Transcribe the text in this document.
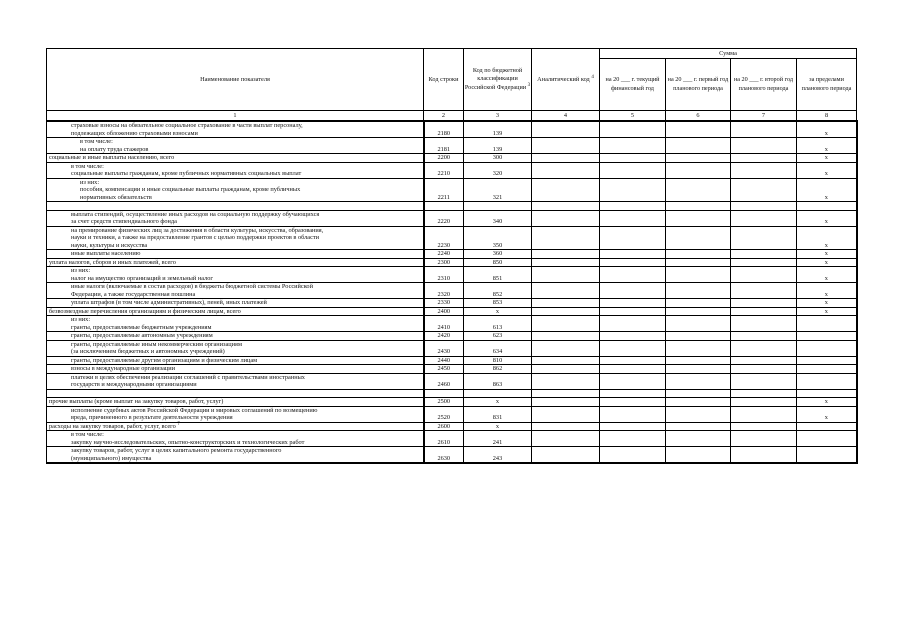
Наименование показателя	Код строки	Код по бюджетной классификации Российской Федерации $^3$	Аналитический код $^4$	Сумма			
				на 20 ___ г. текущий финансовый год	на 20 ___ г. первый год планового периода	на 20 ___ г. второй год планового периода	за пределами планового периода
1	2	3	4	5	6	7	8

страховые взносы на обязательное социальное страхование в части выплат персоналу,
подлежащих обложению страховыми взносами	2180	139					x

в том числе:
на оплату труда стажеров	2181	139					x

социальные и иные выплаты населению, всего	2200	300					x

в том числе:
социальные выплаты гражданам, кроме публичных нормативных социальных выплат	2210	320					x

из них:
пособия, компенсации и иные социальные выплаты гражданам, кроме публичных
нормативных обязательств	2211	321					x

выплата стипендий, осуществление иных расходов на социальную поддержку обучающихся
за счет средств стипендиального фонда	2220	340					x

на премирование физических лиц за достижения в области культуры, искусства, образования,
науки и техники, а также на предоставление грантов с целью поддержки проектов в области
науки, культуры и искусства	2230	350					x

иные выплаты населению	2240	360					x

уплата налогов, сборов и иных платежей, всего	2300	850					x

из них:
налог на имущество организаций и земельный налог	2310	851					x

иные налоги (включаемые в состав расходов) в бюджеты бюджетной системы Российской
Федерации, а также государственная пошлина	2320	852					x

уплата штрафов (в том числе административных), пеней, иных платежей	2330	853					x

безвозмездные перечисления организациям и физическим лицам, всего	2400	x					x

из них:
гранты, предоставляемые бюджетным учреждениям	2410	613					

гранты, предоставляемые автономным учреждениям	2420	623					

гранты, предоставляемые иным некоммерческим организациям
(за исключением бюджетных и автономных учреждений)	2430	634					

гранты, предоставляемые другим организациям и физическим лицам	2440	810					

взносы в международные организации	2450	862					

платежи в целях обеспечения реализации соглашений с правительствами иностранных
государств и международными организациями	2460	863					

прочие выплаты (кроме выплат на закупку товаров, работ, услуг)	2500	x					x

исполнение судебных актов Российской Федерации и мировых соглашений по возмещению
вреда, причиненного в результате деятельности учреждения	2520	831					x

расходы на закупку товаров, работ, услуг, всего $^7$	2600	x					

в том числе:
закупку научно-исследовательских, опытно-конструкторских и технологических работ	2610	241					

закупку товаров, работ, услуг в целях капитального ремонта государственного
(муниципального) имущества	2630	243					
